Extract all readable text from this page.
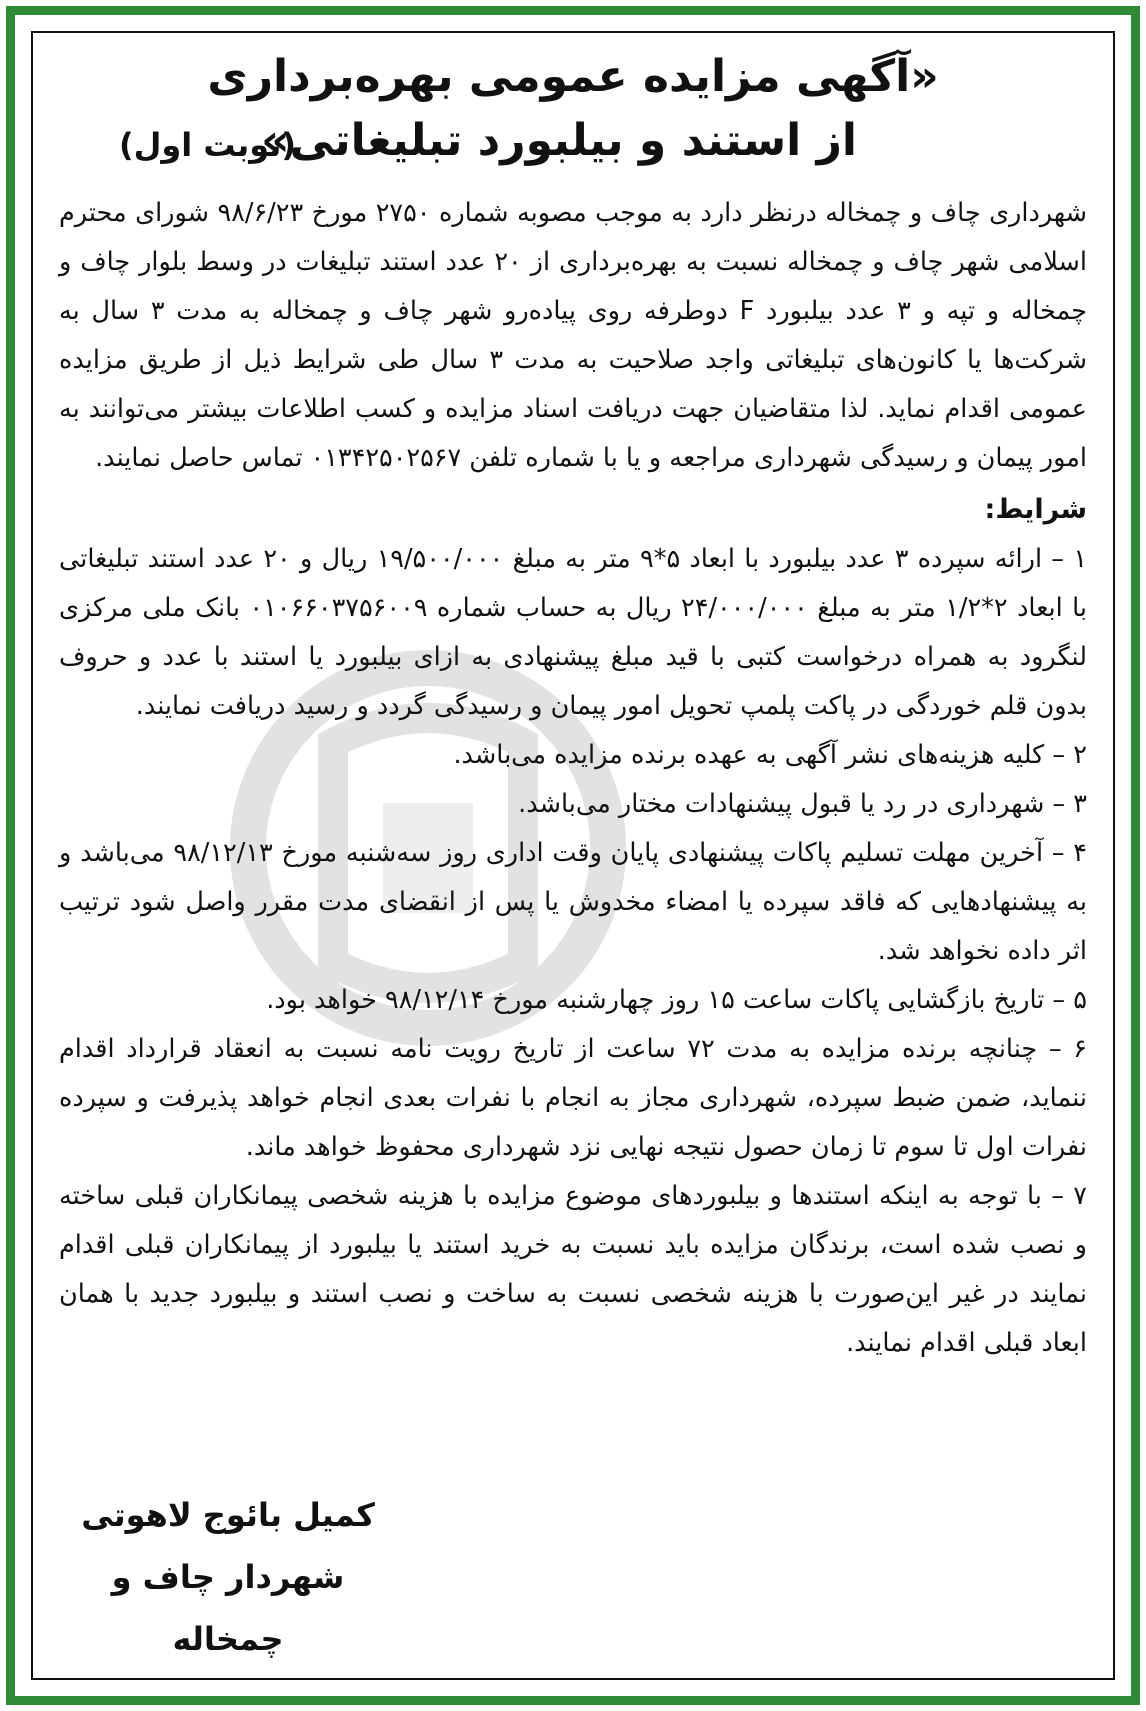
«آگهی مزایده عمومی بهره‌برداری
از استند و بیلبورد تبلیغاتی»
(نوبت اول)

شهرداری چاف و چمخاله درنظر دارد به موجب مصوبه شماره ۲۷۵۰ مورخ ۹۸/۶/۲۳ شورای محترم اسلامی شهر چاف و چمخاله نسبت به بهره‌برداری از ۲۰ عدد استند تبلیغات در وسط بلوار چاف و چمخاله و تپه و ۳ عدد بیلبورد F دوطرفه روی پیاده‌رو شهر چاف و چمخاله به مدت ۳ سال به شرکت‌ها یا کانون‌های تبلیغاتی واجد صلاحیت به مدت ۳ سال طی شرایط ذیل از طریق مزایده عمومی اقدام نماید. لذا متقاضیان جهت دریافت اسناد مزایده و کسب اطلاعات بیشتر می‌توانند به امور پیمان و رسیدگی شهرداری مراجعه و یا با شماره تلفن ۰۱۳۴۲۵۰۲۵۶۷ تماس حاصل نمایند.

شرایط:

۱ – ارائه سپرده ۳ عدد بیلبورد با ابعاد ۵*۹ متر به مبلغ ۱۹/۵۰۰/۰۰۰ ریال و ۲۰ عدد استند تبلیغاتی با ابعاد ۲*۱/۲ متر به مبلغ ۲۴/۰۰۰/۰۰۰ ریال به حساب شماره ۰۱۰۶۶۰۳۷۵۶۰۰۹ بانک ملی مرکزی لنگرود به همراه درخواست کتبی با قید مبلغ پیشنهادی به ازای بیلبورد یا استند با عدد و حروف بدون قلم خوردگی در پاکت پلمپ تحویل امور پیمان و رسیدگی گردد و رسید دریافت نمایند.

۲ – کلیه هزینه‌های نشر آگهی به عهده برنده مزایده می‌باشد.

۳ – شهرداری در رد یا قبول پیشنهادات مختار می‌باشد.

۴ – آخرین مهلت تسلیم پاکات پیشنهادی پایان وقت اداری روز سه‌شنبه مورخ ۹۸/۱۲/۱۳ می‌باشد و به پیشنهادهایی که فاقد سپرده یا امضاء مخدوش یا پس از انقضای مدت مقرر واصل شود ترتیب اثر داده نخواهد شد.

۵ – تاریخ بازگشایی پاکات ساعت ۱۵ روز چهارشنبه مورخ ۹۸/۱۲/۱۴ خواهد بود.

۶ – چنانچه برنده مزایده به مدت ۷۲ ساعت از تاریخ رویت نامه نسبت به انعقاد قرارداد اقدام ننماید، ضمن ضبط سپرده، شهرداری مجاز به انجام با نفرات بعدی انجام خواهد پذیرفت و سپرده نفرات اول تا سوم تا زمان حصول نتیجه نهایی نزد شهرداری محفوظ خواهد ماند.

۷ – با توجه به اینکه استندها و بیلبوردهای موضوع مزایده با هزینه شخصی پیمانکاران قبلی ساخته و نصب شده است، برندگان مزایده باید نسبت به خرید استند یا بیلبورد از پیمانکاران قبلی اقدام نمایند در غیر این‌صورت با هزینه شخصی نسبت به ساخت و نصب استند و بیلبورد جدید با همان ابعاد قبلی اقدام نمایند.

کمیل بائوج لاهوتی
شهردار چاف و چمخاله
